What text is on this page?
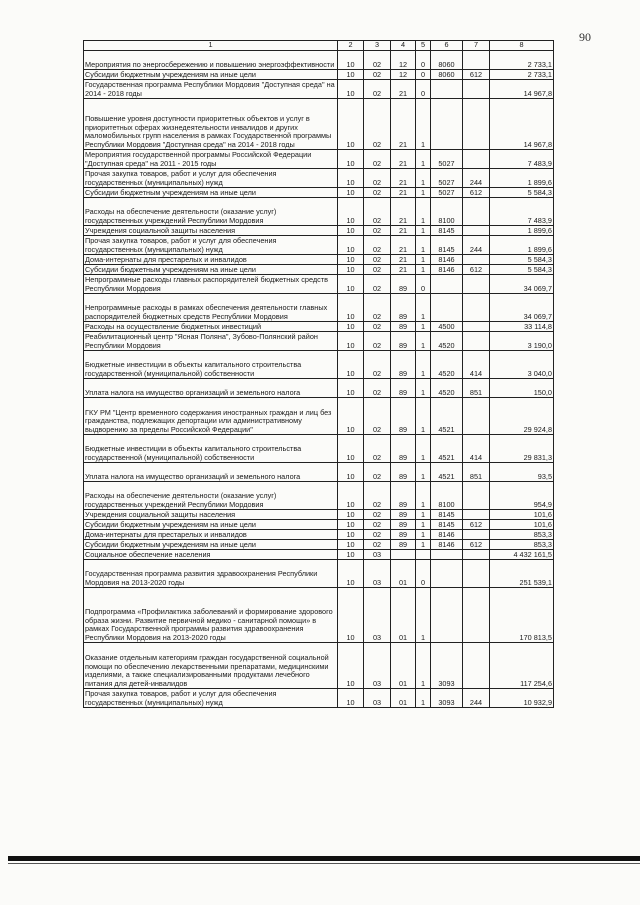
90
1	2	3	4	5	6	7	8
Мероприятия по энергосбережению и повышению энергоэффективности	10	02	12	0	8060		2 733,1
Субсидии бюджетным учреждениям на иные цели	10	02	12	0	8060	612	2 733,1
Государственная программа Республики Мордовия "Доступная среда" на 2014 - 2018 годы	10	02	21	0			14 967,8
Повышение уровня доступности приоритетных объектов и услуг в приоритетных сферах жизнедеятельности инвалидов и других маломобильных групп населения в рамках Государственной программы Республики Мордовия "Доступная среда" на 2014 - 2018 годы	10	02	21	1			14 967,8
Мероприятия государственной программы Российской Федерации "Доступная среда" на 2011 - 2015 годы	10	02	21	1	5027		7 483,9
Прочая закупка товаров, работ и услуг для обеспечения государственных (муниципальных) нужд	10	02	21	1	5027	244	1 899,6
Субсидии бюджетным учреждениям на иные цели	10	02	21	1	5027	612	5 584,3
Расходы на обеспечение деятельности (оказание услуг) государственных учреждений Республики Мордовия	10	02	21	1	8100		7 483,9
Учреждения социальной защиты населения	10	02	21	1	8145		1 899,6
Прочая закупка товаров, работ и услуг для обеспечения государственных (муниципальных) нужд	10	02	21	1	8145	244	1 899,6
Дома-интернаты для престарелых и инвалидов	10	02	21	1	8146		5 584,3
Субсидии бюджетным учреждениям на иные цели	10	02	21	1	8146	612	5 584,3
Непрограммные расходы главных распорядителей бюджетных средств Республики Мордовия	10	02	89	0			34 069,7
Непрограммные расходы в рамках обеспечения деятельности главных распорядителей бюджетных средств Республики Мордовия	10	02	89	1			34 069,7
Расходы на осуществление бюджетных инвестиций	10	02	89	1	4500		33 114,8
Реабилитационный центр "Ясная Поляна", Зубово-Полянский район Республики Мордовия	10	02	89	1	4520		3 190,0
Бюджетные инвестиции в объекты капитального строительства государственной (муниципальной) собственности	10	02	89	1	4520	414	3 040,0
Уплата налога на имущество организаций и земельного налога	10	02	89	1	4520	851	150,0
ГКУ РМ "Центр временного содержания иностранных граждан и лиц без гражданства, подлежащих депортации или административному выдворению за пределы Российской Федерации"	10	02	89	1	4521		29 924,8
Бюджетные инвестиции в объекты капитального строительства государственной (муниципальной) собственности	10	02	89	1	4521	414	29 831,3
Уплата налога на имущество организаций и земельного налога	10	02	89	1	4521	851	93,5
Расходы на обеспечение деятельности (оказание услуг) государственных учреждений Республики Мордовия	10	02	89	1	8100		954,9
Учреждения социальной защиты населения	10	02	89	1	8145		101,6
Субсидии бюджетным учреждениям на иные цели	10	02	89	1	8145	612	101,6
Дома-интернаты для престарелых и инвалидов	10	02	89	1	8146		853,3
Субсидии бюджетным учреждениям на иные цели	10	02	89	1	8146	612	853,3
Социальное обеспечение населения	10	03					4 432 161,5
Государственная программа развития здравоохранения Республики Мордовия на 2013-2020 годы	10	03	01	0			251 539,1
Подпрограмма «Профилактика заболеваний и формирование здорового образа жизни. Развитие первичной медико - санитарной помощи» в рамках Государственной программы развития здравоохранения Республики Мордовия на 2013-2020 годы	10	03	01	1			170 813,5
Оказание отдельным категориям граждан государственной социальной помощи по обеспечению лекарственными препаратами, медицинскими изделиями, а также специализированными продуктами лечебного питания для детей-инвалидов	10	03	01	1	3093		117 254,6
Прочая закупка товаров, работ и услуг для обеспечения государственных (муниципальных) нужд	10	03	01	1	3093	244	10 932,9
